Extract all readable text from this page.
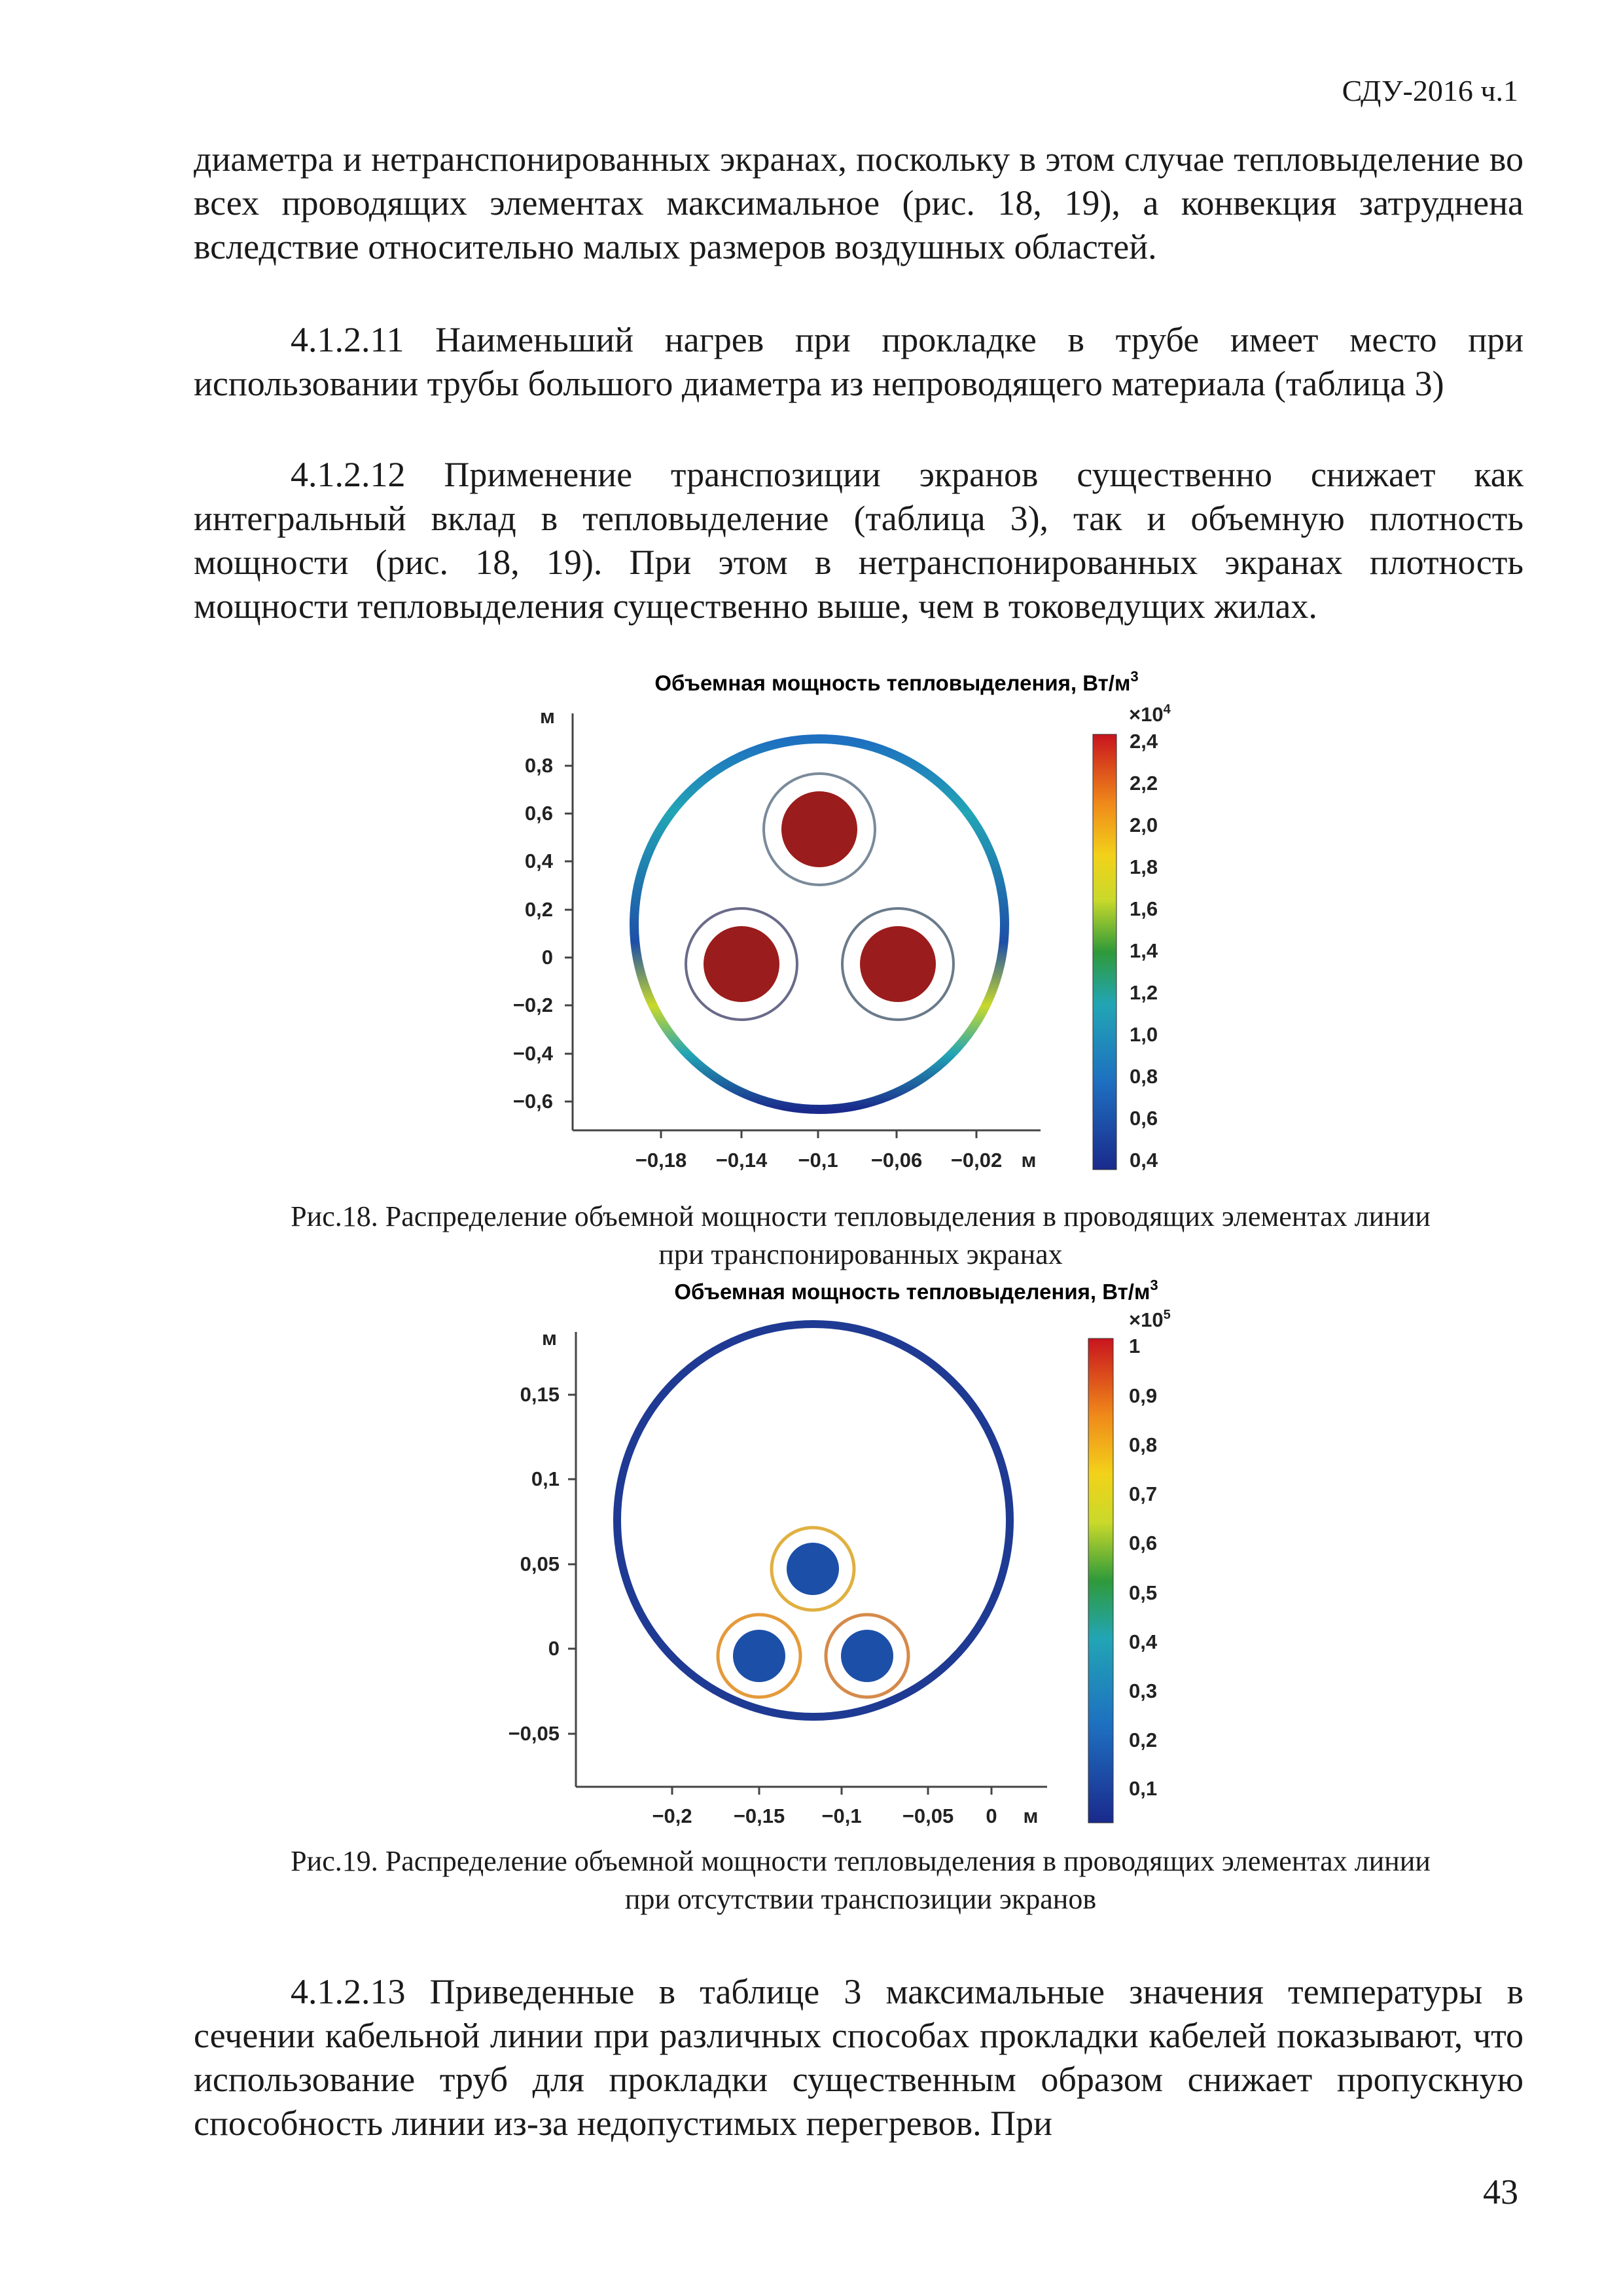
СДУ-2016 ч.1

диаметра и нетранспонированных экранах, поскольку в этом случае тепловыделение во всех проводящих элементах максимальное (рис. 18, 19), а конвекция затруднена вследствие относительно малых размеров воздушных областей.

4.1.2.11 Наименьший нагрев при прокладке в трубе имеет место при использовании трубы большого диаметра из непроводящего материала (таблица 3)

4.1.2.12 Применение транспозиции экранов существенно снижает как интегральный вклад в тепловыделение (таблица 3), так и объемную плотность мощности (рис. 18, 19). При этом в нетранспонированных экранах плотность мощности тепловыделения существенно выше, чем в токоведущих жилах.

Объемная мощность тепловыделения, $Вт/м^3$
м
0,8
0,6
0,4
0,2
0
−0,2
−0,4
−0,6
−0,18 −0,14 −0,1 −0,06 −0,02 м
$\times 10^4$
2,4
2,2
2,0
1,8
1,6
1,4
1,2
1,0
0,8
0,6
0,4

Рис.18. Распределение объемной мощности тепловыделения в проводящих элементах линии
при транспонированных экранах

Объемная мощность тепловыделения, $Вт/м^3$
м
0,15
0,1
0,05
0
−0,05
−0,2 −0,15 −0,1 −0,05 0 м
$\times 10^5$
1
0,9
0,8
0,7
0,6
0,5
0,4
0,3
0,2
0,1

Рис.19. Распределение объемной мощности тепловыделения в проводящих элементах линии
при отсутствии транспозиции экранов

4.1.2.13 Приведенные в таблице 3 максимальные значения температуры в сечении кабельной линии при различных способах прокладки кабелей показывают, что использование труб для прокладки существенным образом снижает пропускную способность линии из-за недопустимых перегревов. При

43
